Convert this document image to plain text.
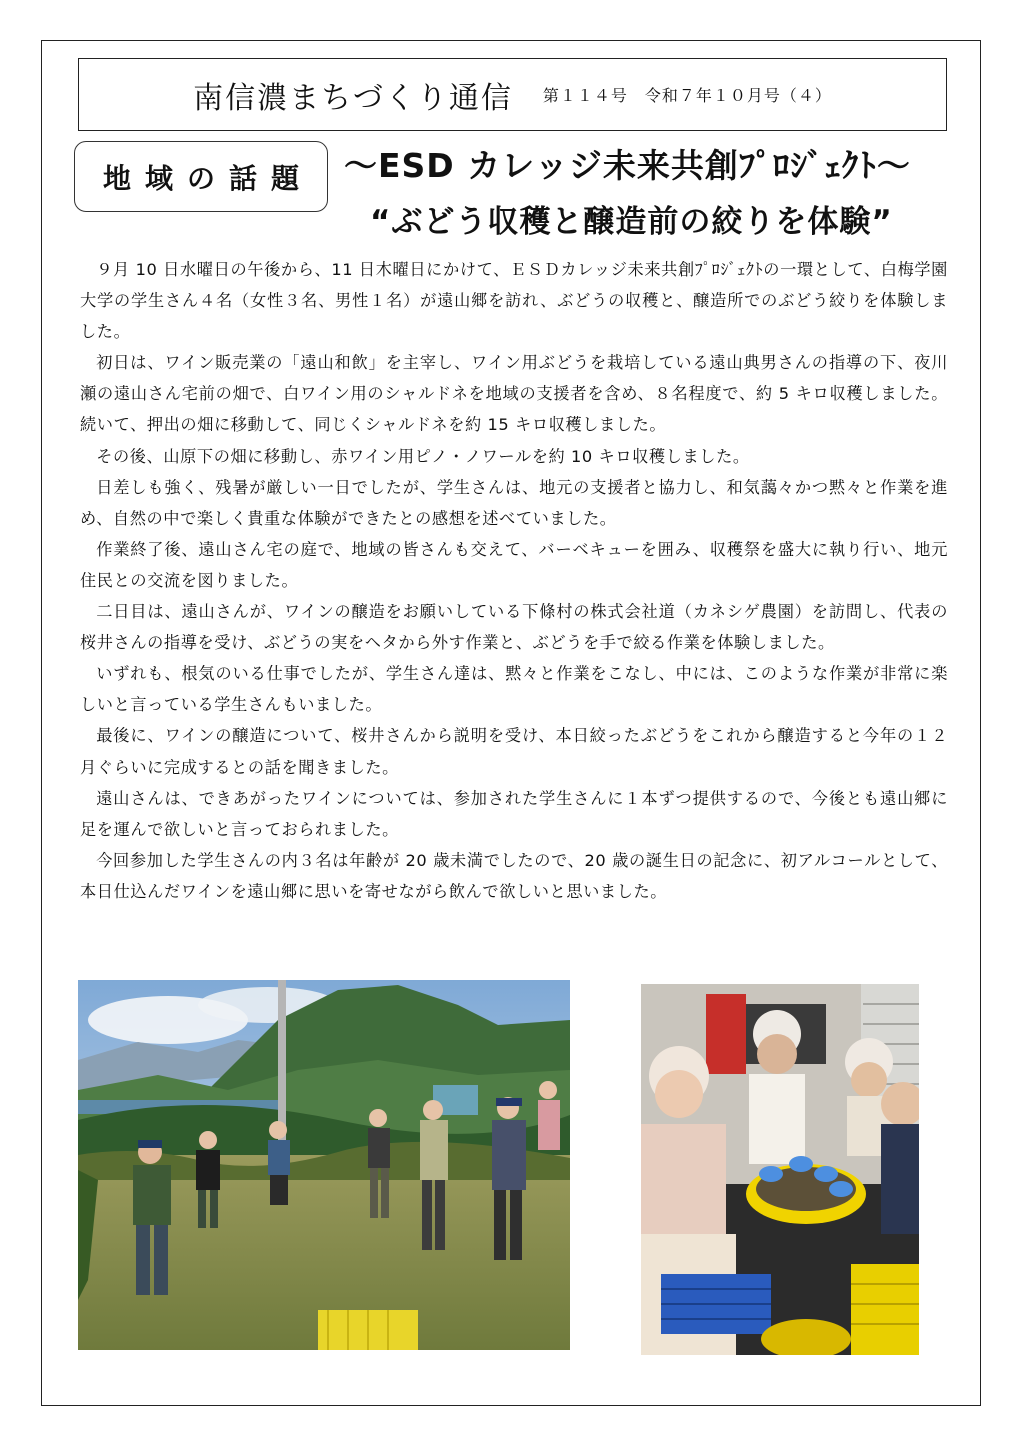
南信濃まちづくり通信 第１１４号　令和７年１０月号（４）
地域の話題 ～ESD カレッジ未来共創ﾌﾟﾛｼﾞｪｸﾄ～
“ぶどう収穫と醸造前の絞りを体験”

９月 10 日水曜日の午後から、11 日木曜日にかけて、ＥＳＤカレッジ未来共創ﾌﾟﾛｼﾞｪｸﾄの一環として、白梅学園大学の学生さん４名（女性３名、男性１名）が遠山郷を訪れ、ぶどうの収穫と、醸造所でのぶどう絞りを体験しました。

初日は、ワイン販売業の「遠山和飲」を主宰し、ワイン用ぶどうを栽培している遠山典男さんの指導の下、夜川瀬の遠山さん宅前の畑で、白ワイン用のシャルドネを地域の支援者を含め、８名程度で、約 5 キロ収穫しました。続いて、押出の畑に移動して、同じくシャルドネを約 15 キロ収穫しました。

その後、山原下の畑に移動し、赤ワイン用ピノ・ノワールを約 10 キロ収穫しました。

日差しも強く、残暑が厳しい一日でしたが、学生さんは、地元の支援者と協力し、和気藹々かつ黙々と作業を進め、自然の中で楽しく貴重な体験ができたとの感想を述べていました。

作業終了後、遠山さん宅の庭で、地域の皆さんも交えて、バーベキューを囲み、収穫祭を盛大に執り行い、地元住民との交流を図りました。

二日目は、遠山さんが、ワインの醸造をお願いしている下條村の株式会社道（カネシゲ農園）を訪問し、代表の桜井さんの指導を受け、ぶどうの実をヘタから外す作業と、ぶどうを手で絞る作業を体験しました。

いずれも、根気のいる仕事でしたが、学生さん達は、黙々と作業をこなし、中には、このような作業が非常に楽しいと言っている学生さんもいました。

最後に、ワインの醸造について、桜井さんから説明を受け、本日絞ったぶどうをこれから醸造すると今年の１２月ぐらいに完成するとの話を聞きました。

遠山さんは、できあがったワインについては、参加された学生さんに１本ずつ提供するので、今後とも遠山郷に足を運んで欲しいと言っておられました。

今回参加した学生さんの内３名は年齢が 20 歳未満でしたので、20 歳の誕生日の記念に、初アルコールとして、本日仕込んだワインを遠山郷に思いを寄せながら飲んで欲しいと思いました。
